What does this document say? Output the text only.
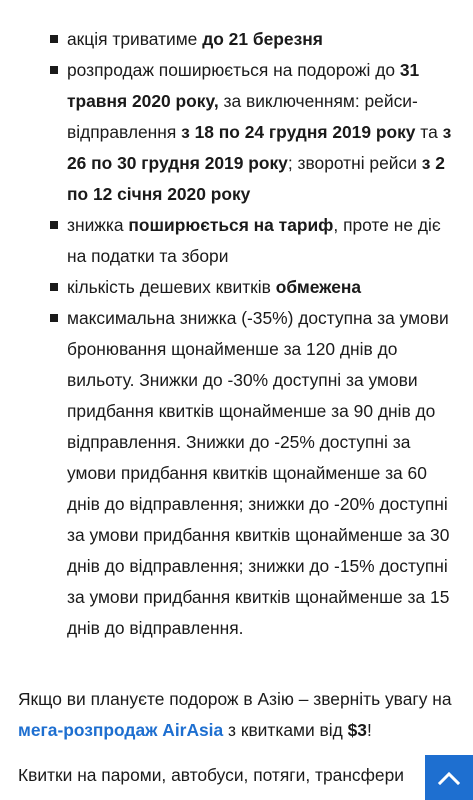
акція триватиме до 21 березня
розпродаж поширюється на подорожі до 31 травня 2020 року, за виключенням: рейси-відправлення з 18 по 24 грудня 2019 року та з 26 по 30 грудня 2019 року; зворотні рейси з 2 по 12 січня 2020 року
знижка поширюється на тариф, проте не діє на податки та збори
кількість дешевих квитків обмежена
максимальна знижка (-35%) доступна за умови бронювання щонайменше за 120 днів до вильоту. Знижки до -30% доступні за умови придбання квитків щонайменше за 90 днів до відправлення. Знижки до -25% доступні за умови придбання квитків щонайменше за 60 днів до відправлення; знижки до -20% доступні за умови придбання квитків щонайменше за 30 днів до відправлення; знижки до -15% доступні за умови придбання квитків щонайменше за 15 днів до відправлення.

Якщо ви плануєте подорож в Азію – зверніть увагу на мега-розпродаж AirAsia з квитками від $3!

Квитки на пароми, автобуси, потяги, трансфери
